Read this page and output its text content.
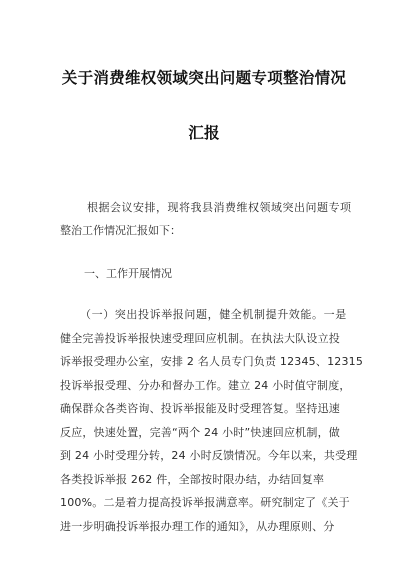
关于消费维权领域突出问题专项整治情况
汇报
根据会议安排，现将我县消费维权领域突出问题专项
整治工作情况汇报如下：
一、工作开展情况
（一）突出投诉举报问题，健全机制提升效能。一是
健全完善投诉举报快速受理回应机制。在执法大队设立投
诉举报受理办公室，安排 2 名人员专门负责 12345、12315
投诉举报受理、分办和督办工作。建立 24 小时值守制度，
确保群众各类咨询、投诉举报能及时受理答复。坚持迅速
反应，快速处置，完善“两个 24 小时”快速回应机制，做
到 24 小时受理分转，24 小时反馈情况。今年以来，共受理
各类投诉举报 262 件，全部按时限办结，办结回复率
100%。二是着力提高投诉举报满意率。研究制定了《关于
进一步明确投诉举报办理工作的通知》，从办理原则、分
